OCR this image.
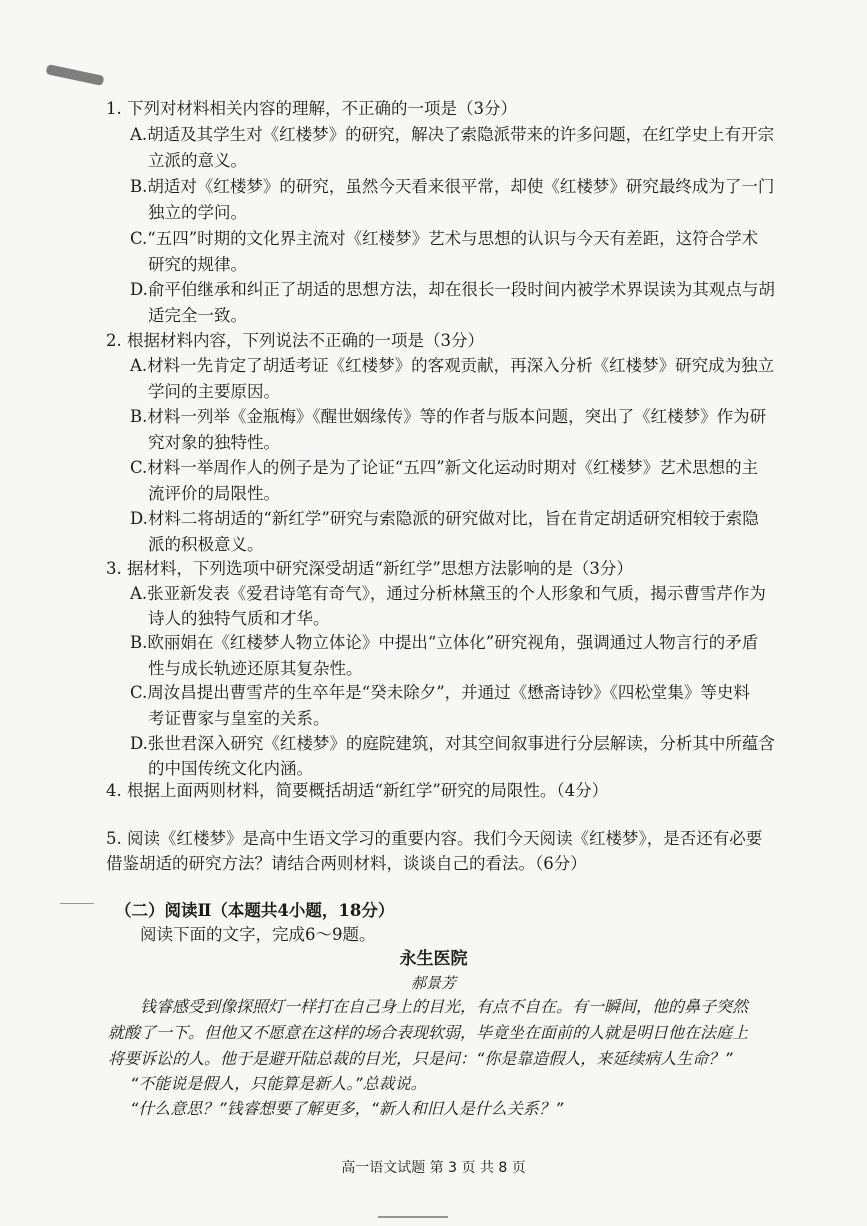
1. 下列对材料相关内容的理解，不正确的一项是（3分）
A.胡适及其学生对《红楼梦》的研究，解决了索隐派带来的许多问题，在红学史上有开宗
立派的意义。
B.胡适对《红楼梦》的研究，虽然今天看来很平常，却使《红楼梦》研究最终成为了一门
独立的学问。
C.“五四”时期的文化界主流对《红楼梦》艺术与思想的认识与今天有差距，这符合学术
研究的规律。
D.俞平伯继承和纠正了胡适的思想方法，却在很长一段时间内被学术界误读为其观点与胡
适完全一致。
2. 根据材料内容，下列说法不正确的一项是（3分）
A.材料一先肯定了胡适考证《红楼梦》的客观贡献，再深入分析《红楼梦》研究成为独立
学问的主要原因。
B.材料一列举《金瓶梅》《醒世姻缘传》等的作者与版本问题，突出了《红楼梦》作为研
究对象的独特性。
C.材料一举周作人的例子是为了论证“五四”新文化运动时期对《红楼梦》艺术思想的主
流评价的局限性。
D.材料二将胡适的“新红学”研究与索隐派的研究做对比，旨在肯定胡适研究相较于索隐
派的积极意义。
3. 据材料，下列选项中研究深受胡适“新红学”思想方法影响的是（3分）
A.张亚新发表《爱君诗笔有奇气》，通过分析林黛玉的个人形象和气质，揭示曹雪芹作为
诗人的独特气质和才华。
B.欧丽娟在《红楼梦人物立体论》中提出“立体化”研究视角，强调通过人物言行的矛盾
性与成长轨迹还原其复杂性。
C.周汝昌提出曹雪芹的生卒年是“癸未除夕”，并通过《懋斋诗钞》《四松堂集》等史料
考证曹家与皇室的关系。
D.张世君深入研究《红楼梦》的庭院建筑，对其空间叙事进行分层解读，分析其中所蕴含
的中国传统文化内涵。
4. 根据上面两则材料，简要概括胡适“新红学”研究的局限性。（4分）
5. 阅读《红楼梦》是高中生语文学习的重要内容。我们今天阅读《红楼梦》，是否还有必要
借鉴胡适的研究方法？请结合两则材料，谈谈自己的看法。（6分）
（二）阅读Ⅱ（本题共4小题，18分）
阅读下面的文字，完成6～9题。
永生医院
郝景芳
钱睿感受到像探照灯一样打在自己身上的目光，有点不自在。有一瞬间，他的鼻子突然
就酸了一下。但他又不愿意在这样的场合表现软弱，毕竟坐在面前的人就是明日他在法庭上
将要诉讼的人。他于是避开陆总裁的目光，只是问：“你是靠造假人，来延续病人生命？”
“不能说是假人，只能算是新人。”总裁说。
“什么意思？”钱睿想要了解更多，“新人和旧人是什么关系？”
高一语文试题 第 3 页 共 8 页
